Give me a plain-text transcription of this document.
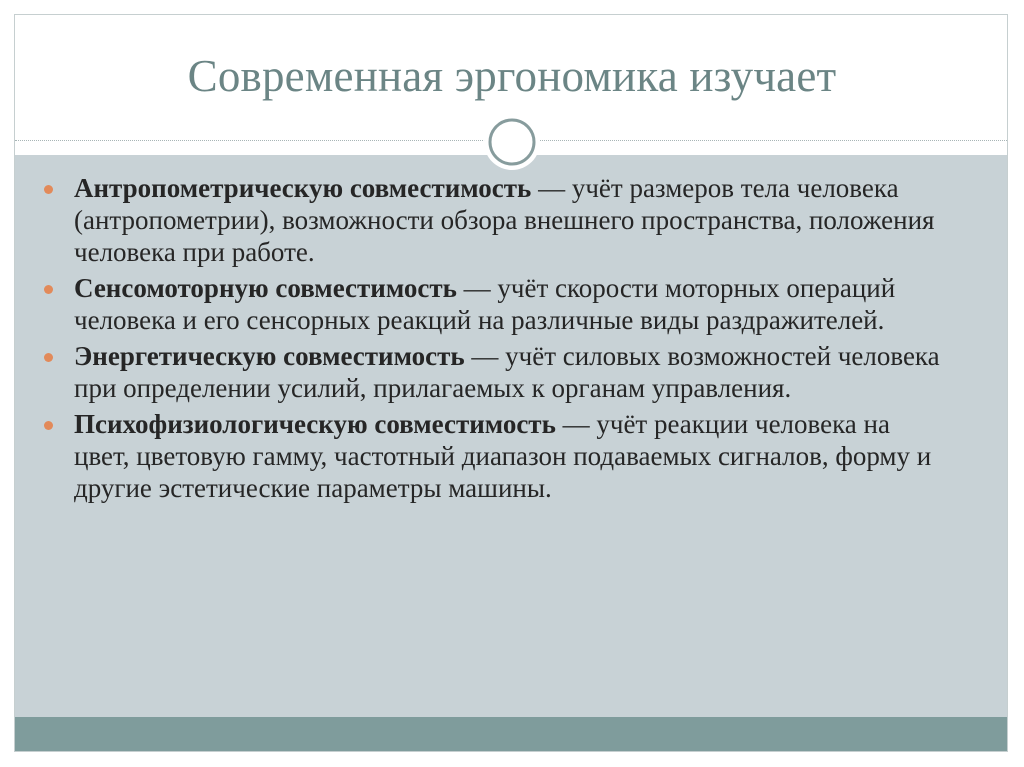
Современная эргономика изучает
Антропометрическую совместимость — учёт размеров тела человека (антропометрии), возможности обзора внешнего пространства, положения человека при работе.
Сенсомоторную совместимость — учёт скорости моторных операций человека и его сенсорных реакций на различные виды раздражителей.
Энергетическую совместимость — учёт силовых возможностей человека при определении усилий, прилагаемых к органам управления.
Психофизиологическую совместимость — учёт реакции человека на цвет, цветовую гамму, частотный диапазон подаваемых сигналов, форму и другие эстетические параметры машины.
